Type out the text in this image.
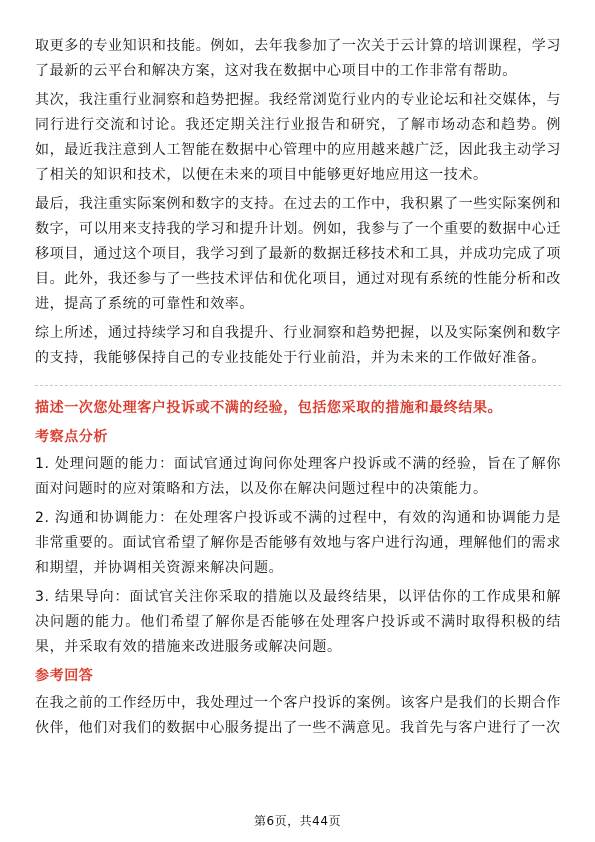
取更多的专业知识和技能。例如，去年我参加了一次关于云计算的培训课程，学习了最新的云平台和解决方案，这对我在数据中心项目中的工作非常有帮助。

其次，我注重行业洞察和趋势把握。我经常浏览行业内的专业论坛和社交媒体，与同行进行交流和讨论。我还定期关注行业报告和研究，了解市场动态和趋势。例如，最近我注意到人工智能在数据中心管理中的应用越来越广泛，因此我主动学习了相关的知识和技术，以便在未来的项目中能够更好地应用这一技术。

最后，我注重实际案例和数字的支持。在过去的工作中，我积累了一些实际案例和数字，可以用来支持我的学习和提升计划。例如，我参与了一个重要的数据中心迁移项目，通过这个项目，我学习到了最新的数据迁移技术和工具，并成功完成了项目。此外，我还参与了一些技术评估和优化项目，通过对现有系统的性能分析和改进，提高了系统的可靠性和效率。

综上所述，通过持续学习和自我提升、行业洞察和趋势把握，以及实际案例和数字的支持，我能够保持自己的专业技能处于行业前沿，并为未来的工作做好准备。

描述一次您处理客户投诉或不满的经验，包括您采取的措施和最终结果。
考察点分析

1. 处理问题的能力：面试官通过询问你处理客户投诉或不满的经验，旨在了解你面对问题时的应对策略和方法，以及你在解决问题过程中的决策能力。

2. 沟通和协调能力：在处理客户投诉或不满的过程中，有效的沟通和协调能力是非常重要的。面试官希望了解你是否能够有效地与客户进行沟通，理解他们的需求和期望，并协调相关资源来解决问题。

3. 结果导向：面试官关注你采取的措施以及最终结果，以评估你的工作成果和解决问题的能力。他们希望了解你是否能够在处理客户投诉或不满时取得积极的结果，并采取有效的措施来改进服务或解决问题。

参考回答

在我之前的工作经历中，我处理过一个客户投诉的案例。该客户是我们的长期合作伙伴，他们对我们的数据中心服务提出了一些不满意见。我首先与客户进行了一次

第6页，共44页
